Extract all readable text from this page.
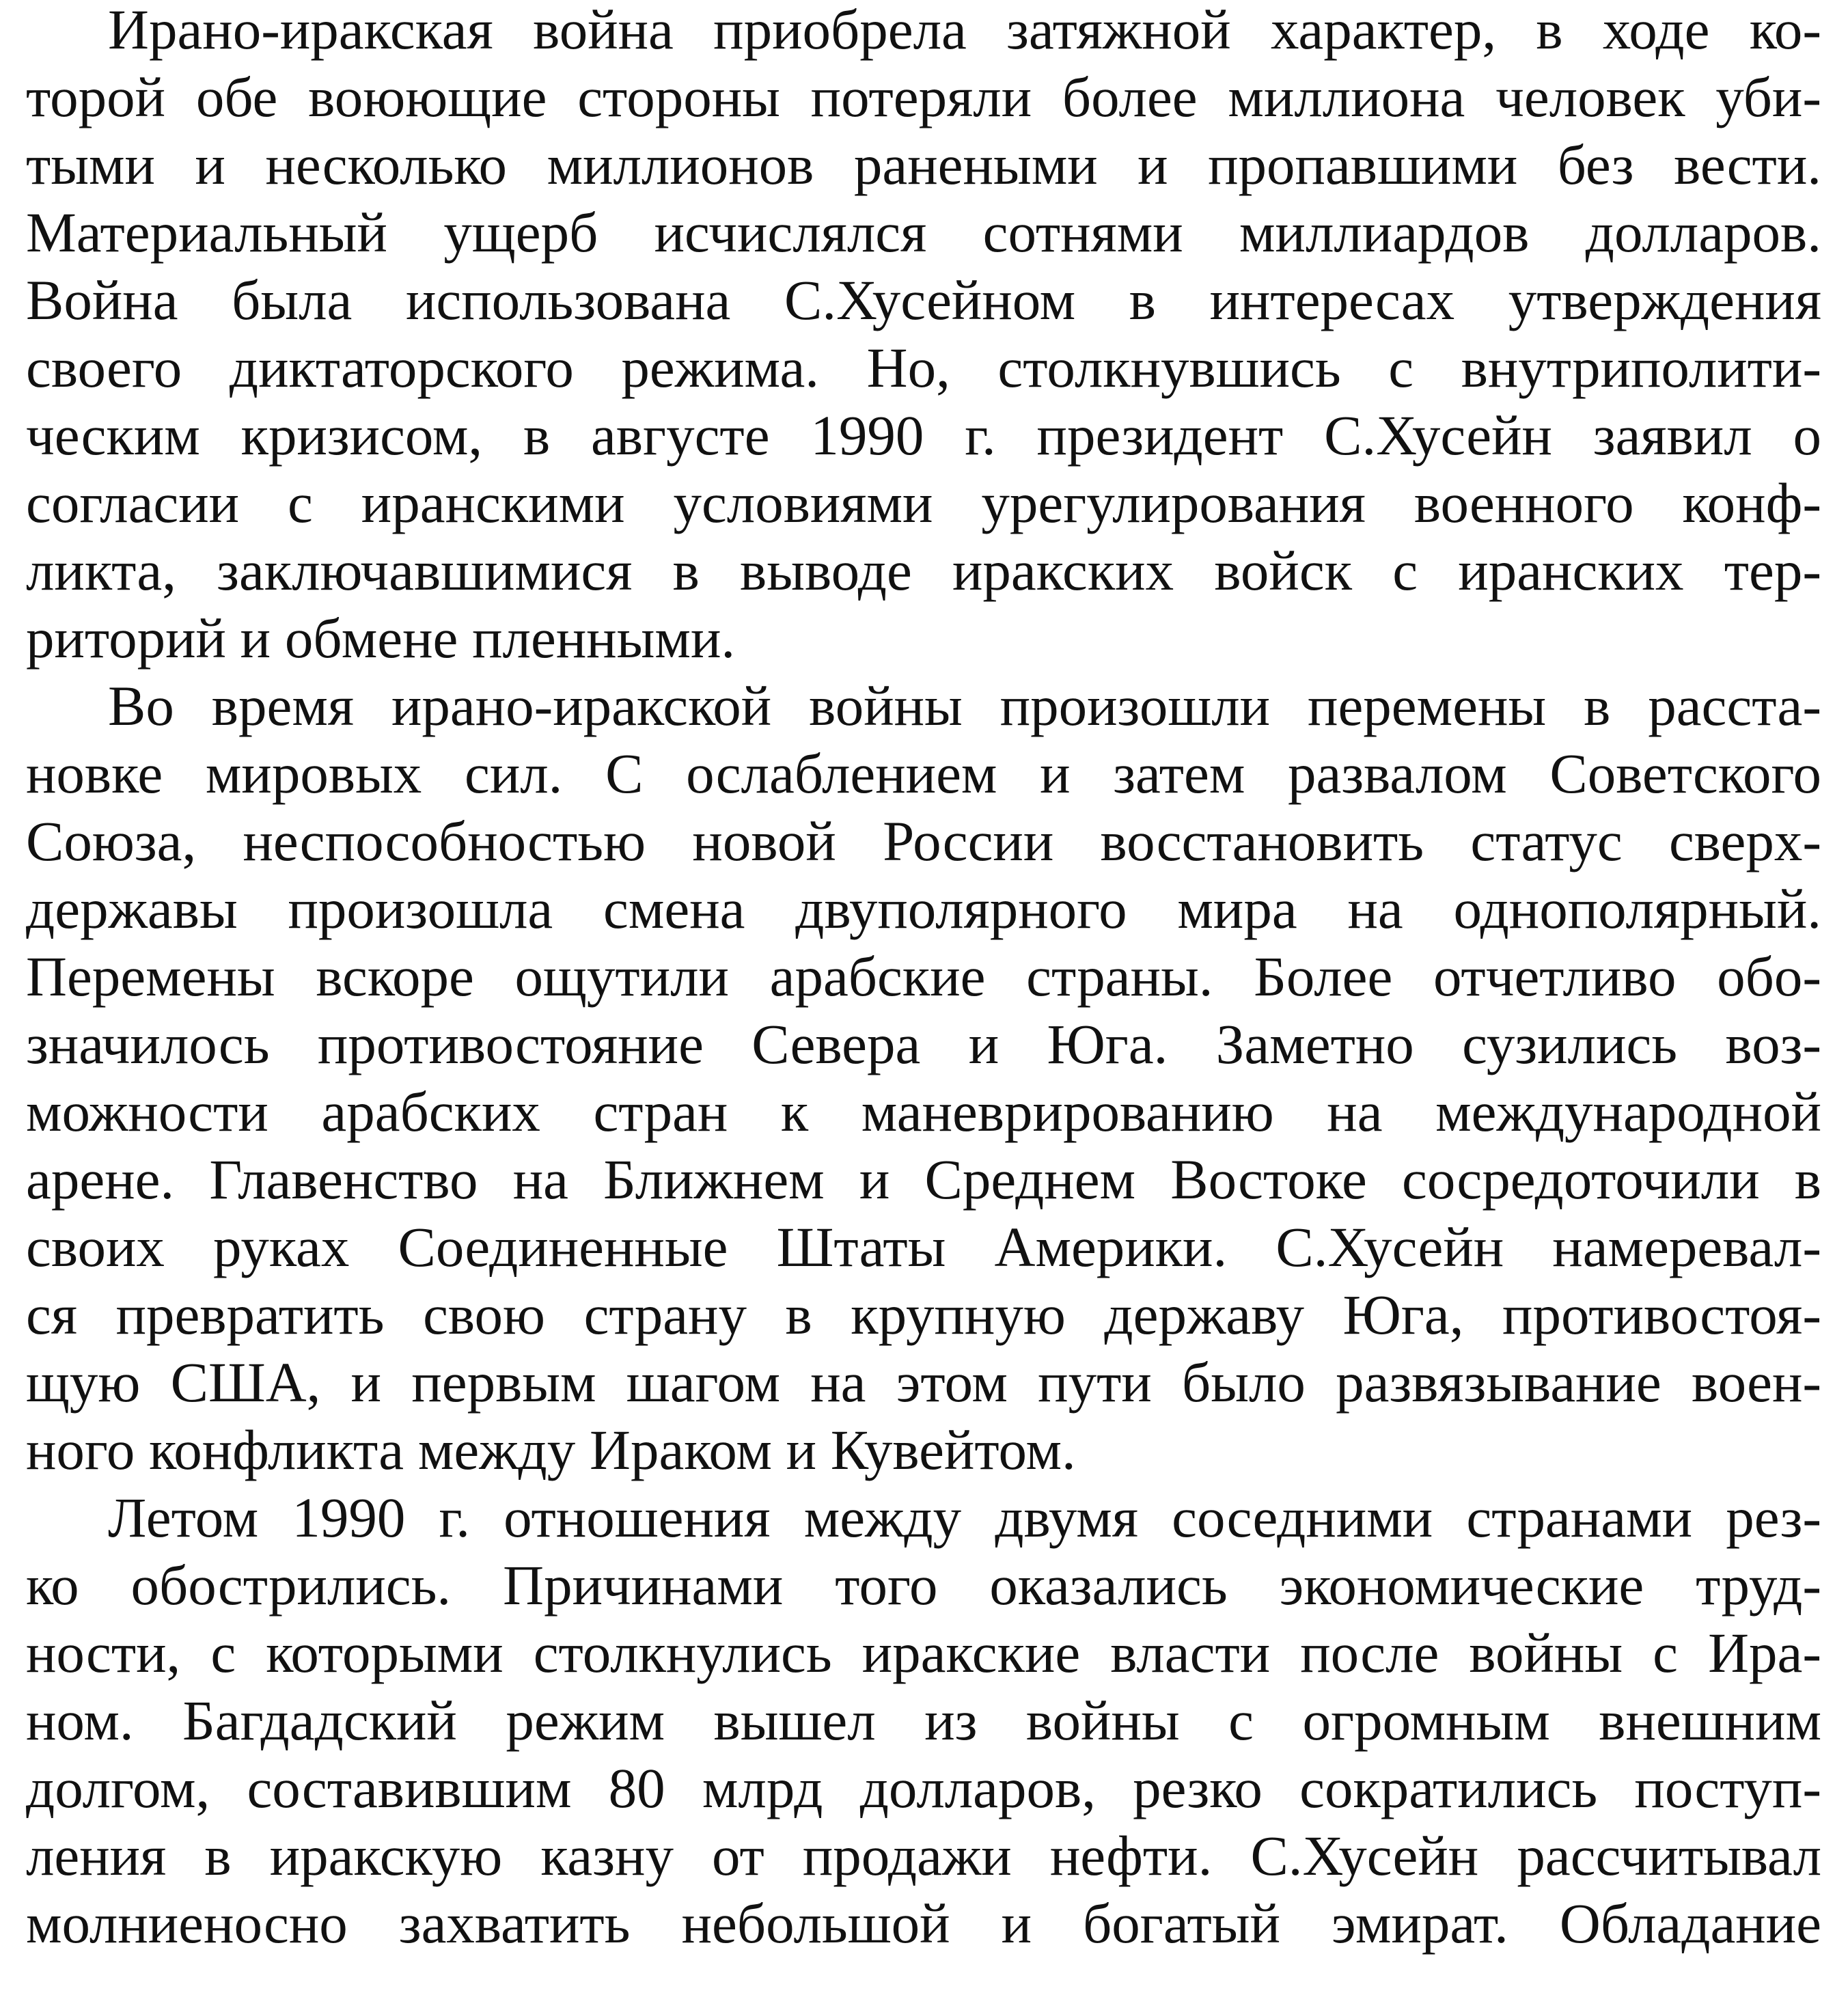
Ирано-иракская война приобрела затяжной характер, в ходе ко-
торой обе воюющие стороны потеряли более миллиона человек уби-
тыми и несколько миллионов ранеными и пропавшими без вести.
Материальный ущерб исчислялся сотнями миллиардов долларов.
Война была использована С.Хусейном в интересах утверждения
своего диктаторского режима. Но, столкнувшись с внутриполити-
ческим кризисом, в августе 1990 г. президент С.Хусейн заявил о
согласии с иранскими условиями урегулирования военного конф-
ликта, заключавшимися в выводе иракских войск с иранских тер-
риторий и обмене пленными.
Во время ирано-иракской войны произошли перемены в расста-
новке мировых сил. С ослаблением и затем развалом Советского
Союза, неспособностью новой России восстановить статус сверх-
державы произошла смена двуполярного мира на однополярный.
Перемены вскоре ощутили арабские страны. Более отчетливо обо-
значилось противостояние Севера и Юга. Заметно сузились воз-
можности арабских стран к маневрированию на международной
арене. Главенство на Ближнем и Среднем Востоке сосредоточили в
своих руках Соединенные Штаты Америки. С.Хусейн намеревал-
ся превратить свою страну в крупную державу Юга, противостоя-
щую США, и первым шагом на этом пути было развязывание воен-
ного конфликта между Ираком и Кувейтом.
Летом 1990 г. отношения между двумя соседними странами рез-
ко обострились. Причинами того оказались экономические труд-
ности, с которыми столкнулись иракские власти после войны с Ира-
ном. Багдадский режим вышел из войны с огромным внешним
долгом, составившим 80 млрд долларов, резко сократились поступ-
ления в иракскую казну от продажи нефти. С.Хусейн рассчитывал
молниеносно захватить небольшой и богатый эмират. Обладание
